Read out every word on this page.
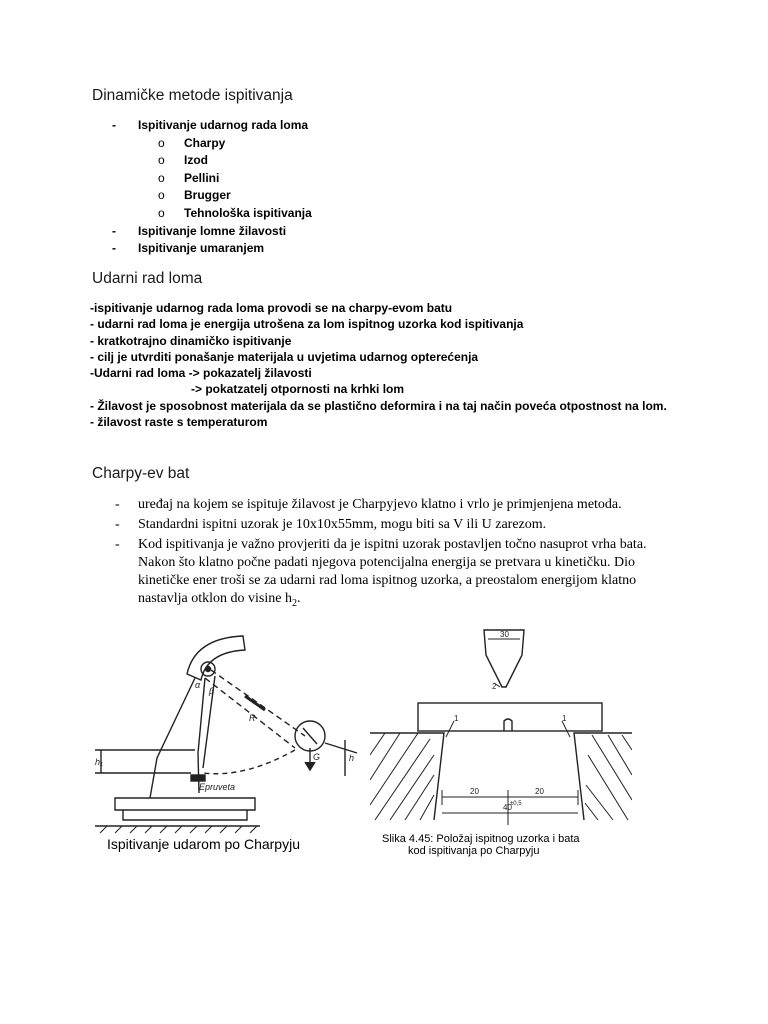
Dinamičke metode ispitivanja
- Ispitivanje udarnog rada loma
o Charpy
o Izod
o Pellini
o Brugger
o Tehnološka ispitivanja
- Ispitivanje lomne žilavosti
- Ispitivanje umaranjem
Udarni rad loma
-ispitivanje udarnog rada loma provodi se na charpy-evom batu
- udarni rad loma je energija utrošena za lom ispitnog uzorka kod ispitivanja
- kratkotrajno dinamičko ispitivanje
- cilj je utvrditi ponašanje materijala u uvjetima udarnog opterećenja
-Udarni rad loma -> pokazatelj žilavosti
-> pokatzatelj otpornosti na krhki lom
- Žilavost je sposobnost materijala da se plastično deformira i na taj način poveća otpostnost na lom.
- žilavost raste s temperaturom
Charpy-ev bat
- uređaj na kojem se ispituje žilavost je Charpyjevo klatno i vrlo je primjenjena metoda.
- Standardni ispitni uzorak je 10x10x55mm, mogu biti sa V ili U zarezom.
- Kod ispitivanja je važno provjeriti da je ispitni uzorak postavljen točno nasuprot vrha bata. Nakon što klatno počne padati njegova potencijalna energija se pretvara u kinetičku. Dio kinetičke ener troši se za udarni rad loma ispitnog uzorka, a preostalom energijom klatno nastavlja otklon do visine $h_2$.
α
β
R
G
Epruveta
h₁	h
Ispitivanje udarom po Charpyju
30
2
1	1
20	20
±0,5
40
Slika 4.45: Položaj ispitnog uzorka i bata
kod ispitivanja po Charpyju
